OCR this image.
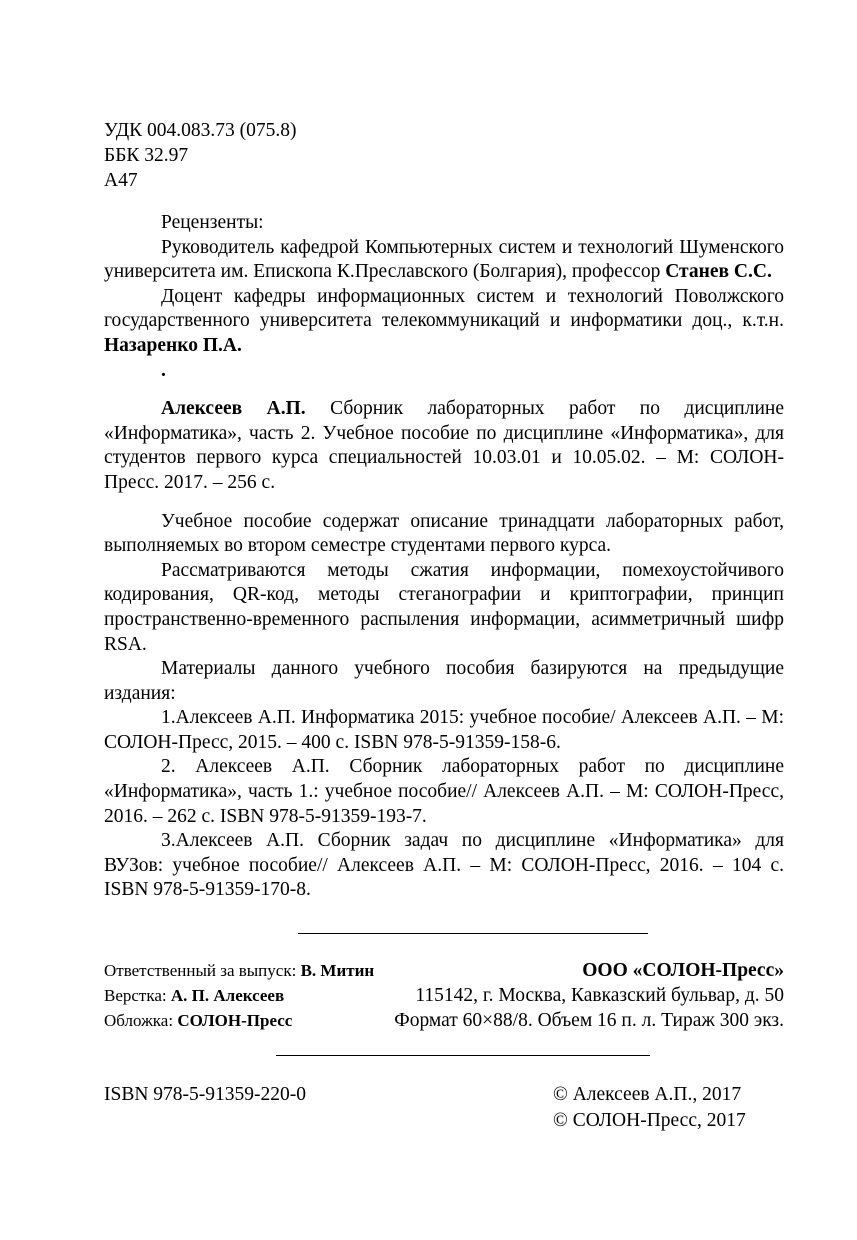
УДК 004.083.73 (075.8)
ББК 32.97
А47

Рецензенты:

Руководитель кафедрой Компьютерных систем и технологий Шуменского университета им. Епископа К.Преславского (Болгария), профессор Станев С.С.

Доцент кафедры информационных систем и технологий Поволжского государственного университета телекоммуникаций и информатики доц., к.т.н. Назаренко П.А.

.

Алексеев А.П. Сборник лабораторных работ по дисциплине «Информатика», часть 2. Учебное пособие по дисциплине «Информатика», для студентов первого курса специальностей 10.03.01 и 10.05.02. – М: СОЛОН-Пресс. 2017. – 256 с.

Учебное пособие содержат описание тринадцати лабораторных работ, выполняемых во втором семестре студентами первого курса.

Рассматриваются методы сжатия информации, помехоустойчивого кодирования, QR-код, методы стеганографии и криптографии, принцип пространственно-временного распыления информации, асимметричный шифр RSA.

Материалы данного учебного пособия базируются на предыдущие издания:

1.Алексеев А.П. Информатика 2015: учебное пособие/ Алексеев А.П. – М: СОЛОН-Пресс, 2015. – 400 с. ISBN 978-5-91359-158-6.

2. Алексеев А.П. Сборник лабораторных работ по дисциплине «Информатика», часть 1.: учебное пособие// Алексеев А.П. – М: СОЛОН-Пресс, 2016. – 262 с. ISBN 978-5-91359-193-7.

3.Алексеев А.П. Сборник задач по дисциплине «Информатика» для ВУЗов: учебное пособие// Алексеев А.П. – М: СОЛОН-Пресс, 2016. – 104 с. ISBN 978-5-91359-170-8.

Ответственный за выпуск: В. Митин	ООО «СОЛОН-Пресс»
Верстка: А. П. Алексеев	115142, г. Москва, Кавказский бульвар, д. 50
Обложка: СОЛОН-Пресс	Формат 60×88/8. Объем 16 п. л. Тираж 300 экз.
ISBN 978-5-91359-220-0	© Алексеев А.П., 2017
© СОЛОН-Пресс, 2017
